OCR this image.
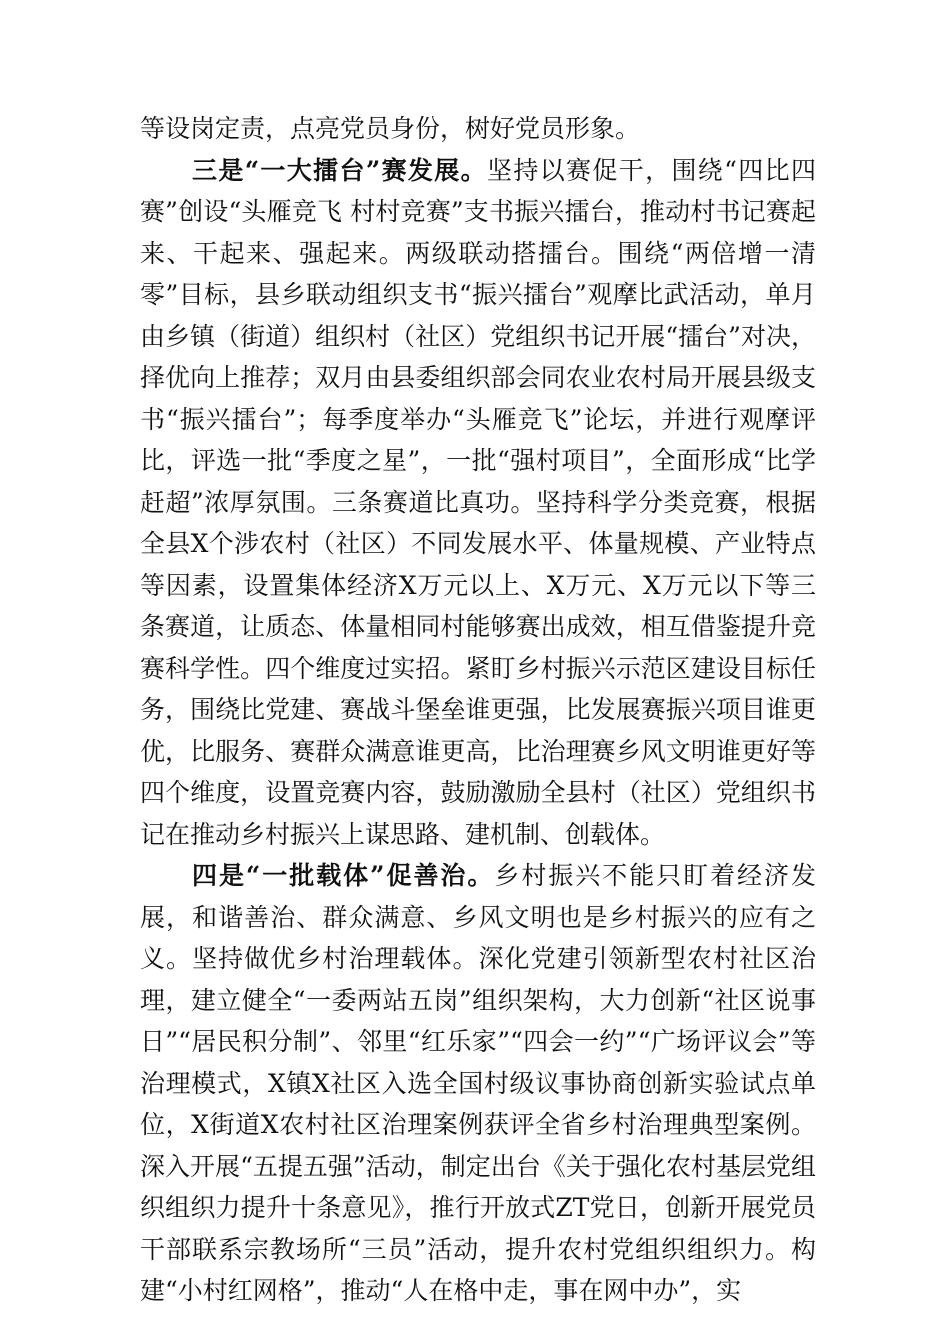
等设岗定责，点亮党员身份，树好党员形象。

三是“一大擂台”赛发展。坚持以赛促干，围绕“四比四赛”创设“头雁竞飞 村村竞赛”支书振兴擂台，推动村书记赛起来、干起来、强起来。两级联动搭擂台。围绕“两倍增一清零”目标，县乡联动组织支书“振兴擂台”观摩比武活动，单月由乡镇（街道）组织村（社区）党组织书记开展“擂台”对决，择优向上推荐；双月由县委组织部会同农业农村局开展县级支书“振兴擂台”；每季度举办“头雁竞飞”论坛，并进行观摩评比，评选一批“季度之星”，一批“强村项目”，全面形成“比学赶超”浓厚氛围。三条赛道比真功。坚持科学分类竞赛，根据全县X个涉农村（社区）不同发展水平、体量规模、产业特点等因素，设置集体经济X万元以上、X万元、X万元以下等三条赛道，让质态、体量相同村能够赛出成效，相互借鉴提升竞赛科学性。四个维度过实招。紧盯乡村振兴示范区建设目标任务，围绕比党建、赛战斗堡垒谁更强，比发展赛振兴项目谁更优，比服务、赛群众满意谁更高，比治理赛乡风文明谁更好等四个维度，设置竞赛内容，鼓励激励全县村（社区）党组织书记在推动乡村振兴上谋思路、建机制、创载体。

四是“一批载体”促善治。乡村振兴不能只盯着经济发展，和谐善治、群众满意、乡风文明也是乡村振兴的应有之义。坚持做优乡村治理载体。深化党建引领新型农村社区治理，建立健全“一委两站五岗”组织架构，大力创新“社区说事日”“居民积分制”、邻里“红乐家”“四会一约”“广场评议会”等治理模式，X镇X社区入选全国村级议事协商创新实验试点单位，X街道X农村社区治理案例获评全省乡村治理典型案例。深入开展“五提五强”活动，制定出台《关于强化农村基层党组织组织力提升十条意见》，推行开放式ZT党日，创新开展党员干部联系宗教场所“三员”活动，提升农村党组织组织力。构建“小村红网格”，推动“人在格中走，事在网中办”，实
